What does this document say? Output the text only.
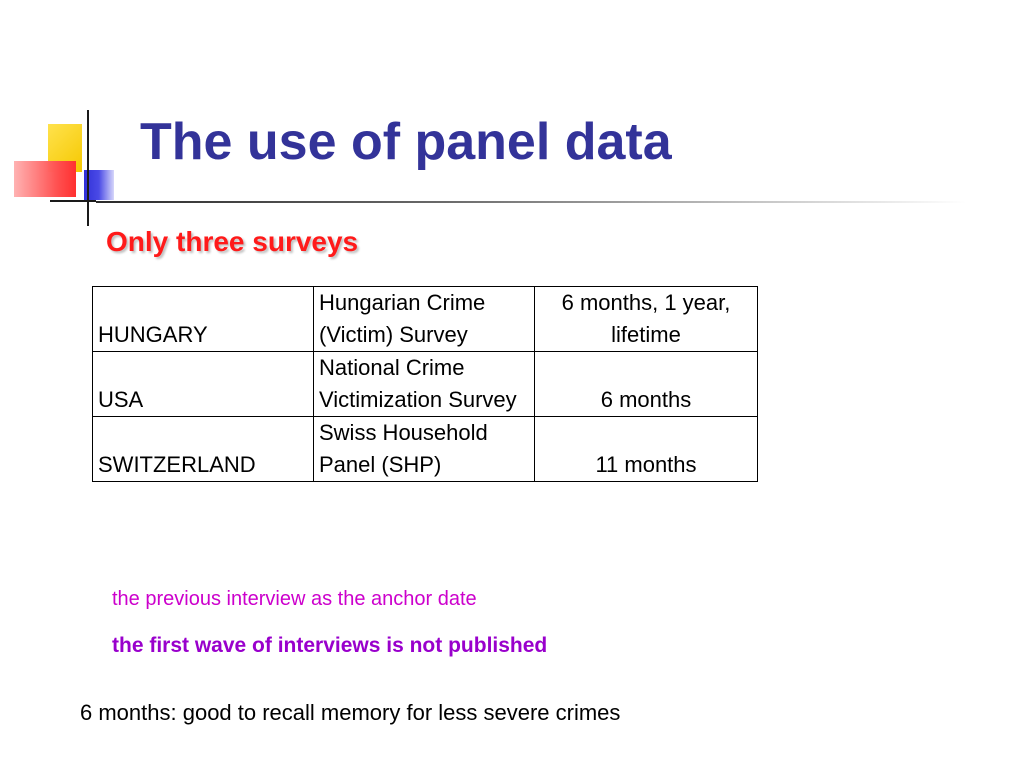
The use of panel data
Only three surveys
HUNGARY	Hungarian Crime (Victim) Survey	6 months, 1 year, lifetime
USA	National Crime Victimization Survey	6 months
SWITZERLAND	Swiss Household Panel (SHP)	11 months
the previous interview as the anchor date
the first wave of interviews is not published
6 months: good to recall memory for less severe crimes
